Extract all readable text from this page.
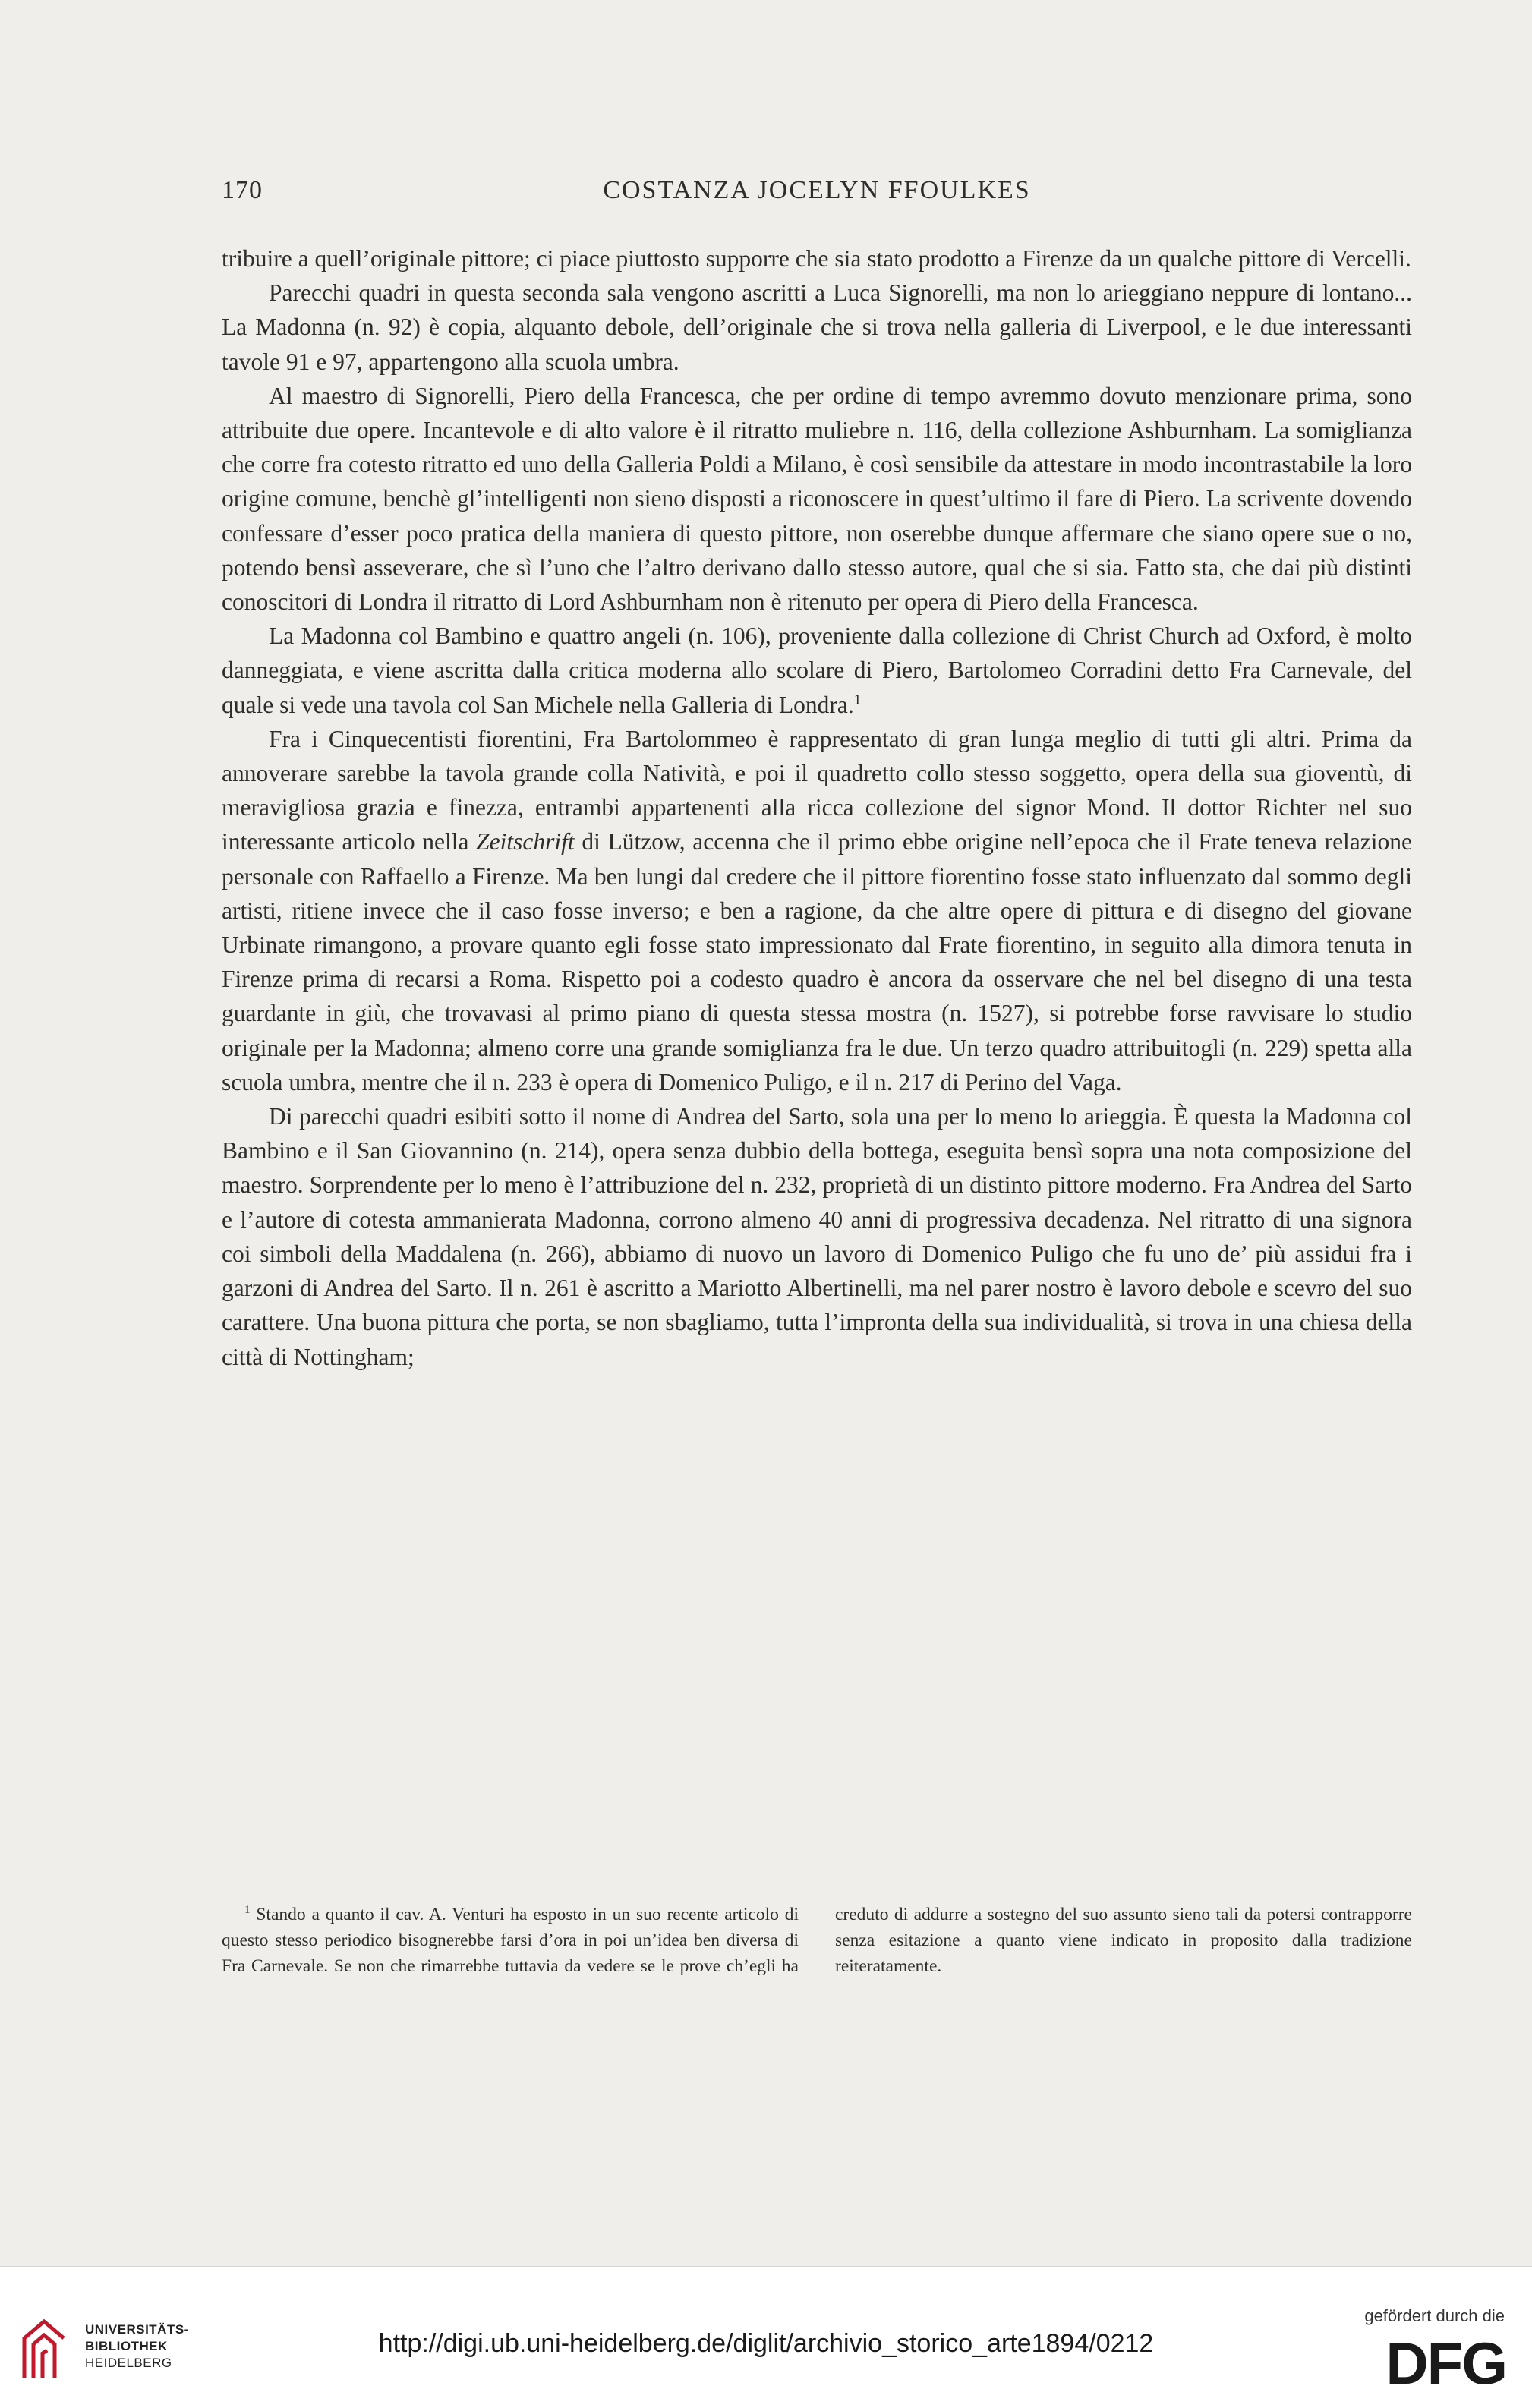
170	COSTANZA JOCELYN FFOULKES

tribuire a quell’originale pittore; ci piace piuttosto supporre che sia stato prodotto a Firenze da un qualche pittore di Vercelli.

Parecchi quadri in questa seconda sala vengono ascritti a Luca Signorelli, ma non lo arieggiano neppure di lontano... La Madonna (n. 92) è copia, alquanto debole, dell’originale che si trova nella galleria di Liverpool, e le due interessanti tavole 91 e 97, appartengono alla scuola umbra.

Al maestro di Signorelli, Piero della Francesca, che per ordine di tempo avremmo dovuto menzionare prima, sono attribuite due opere. Incantevole e di alto valore è il ritratto muliebre n. 116, della collezione Ashburnham. La somiglianza che corre fra cotesto ritratto ed uno della Galleria Poldi a Milano, è così sensibile da attestare in modo incontrastabile la loro origine comune, benchè gl’intelligenti non sieno disposti a riconoscere in quest’ultimo il fare di Piero. La scrivente dovendo confessare d’esser poco pratica della maniera di questo pittore, non oserebbe dunque affermare che siano opere sue o no, potendo bensì asseverare, che sì l’uno che l’altro derivano dallo stesso autore, qual che si sia. Fatto sta, che dai più distinti conoscitori di Londra il ritratto di Lord Ashburnham non è ritenuto per opera di Piero della Francesca.

La Madonna col Bambino e quattro angeli (n. 106), proveniente dalla collezione di Christ Church ad Oxford, è molto danneggiata, e viene ascritta dalla critica moderna allo scolare di Piero, Bartolomeo Corradini detto Fra Carnevale, del quale si vede una tavola col San Michele nella Galleria di Londra.$^1$

Fra i Cinquecentisti fiorentini, Fra Bartolommeo è rappresentato di gran lunga meglio di tutti gli altri. Prima da annoverare sarebbe la tavola grande colla Natività, e poi il quadretto collo stesso soggetto, opera della sua gioventù, di meravigliosa grazia e finezza, entrambi appartenenti alla ricca collezione del signor Mond. Il dottor Richter nel suo interessante articolo nella Zeitschrift di Lützow, accenna che il primo ebbe origine nell’epoca che il Frate teneva relazione personale con Raffaello a Firenze. Ma ben lungi dal credere che il pittore fiorentino fosse stato influenzato dal sommo degli artisti, ritiene invece che il caso fosse inverso; e ben a ragione, da che altre opere di pittura e di disegno del giovane Urbinate rimangono, a provare quanto egli fosse stato impressionato dal Frate fiorentino, in seguito alla dimora tenuta in Firenze prima di recarsi a Roma. Rispetto poi a codesto quadro è ancora da osservare che nel bel disegno di una testa guardante in giù, che trovavasi al primo piano di questa stessa mostra (n. 1527), si potrebbe forse ravvisare lo studio originale per la Madonna; almeno corre una grande somiglianza fra le due. Un terzo quadro attribuitogli (n. 229) spetta alla scuola umbra, mentre che il n. 233 è opera di Domenico Puligo, e il n. 217 di Perino del Vaga.

Di parecchi quadri esibiti sotto il nome di Andrea del Sarto, sola una per lo meno lo arieggia. È questa la Madonna col Bambino e il San Giovannino (n. 214), opera senza dubbio della bottega, eseguita bensì sopra una nota composizione del maestro. Sorprendente per lo meno è l’attribuzione del n. 232, proprietà di un distinto pittore moderno. Fra Andrea del Sarto e l’autore di cotesta ammanierata Madonna, corrono almeno 40 anni di progressiva decadenza. Nel ritratto di una signora coi simboli della Maddalena (n. 266), abbiamo di nuovo un lavoro di Domenico Puligo che fu uno de’ più assidui fra i garzoni di Andrea del Sarto. Il n. 261 è ascritto a Mariotto Albertinelli, ma nel parer nostro è lavoro debole e scevro del suo carattere. Una buona pittura che porta, se non sbagliamo, tutta l’impronta della sua individualità, si trova in una chiesa della città di Nottingham;

$^1$ Stando a quanto il cav. A. Venturi ha esposto in un suo recente articolo di questo stesso periodico bisognerebbe farsi d’ora in poi un’idea ben diversa di Fra Carnevale. Se non che rimarrebbe tuttavia da vedere se le prove ch’egli ha creduto di addurre a sostegno del suo assunto sieno tali da potersi contrapporre senza esitazione a quanto viene indicato in proposito dalla tradizione reiteratamente.

UNIVERSITÄTS-
BIBLIOTHEK
HEIDELBERG
http://digi.ub.uni-heidelberg.de/diglit/archivio_storico_arte1894/0212
gefördert durch die
DFG
